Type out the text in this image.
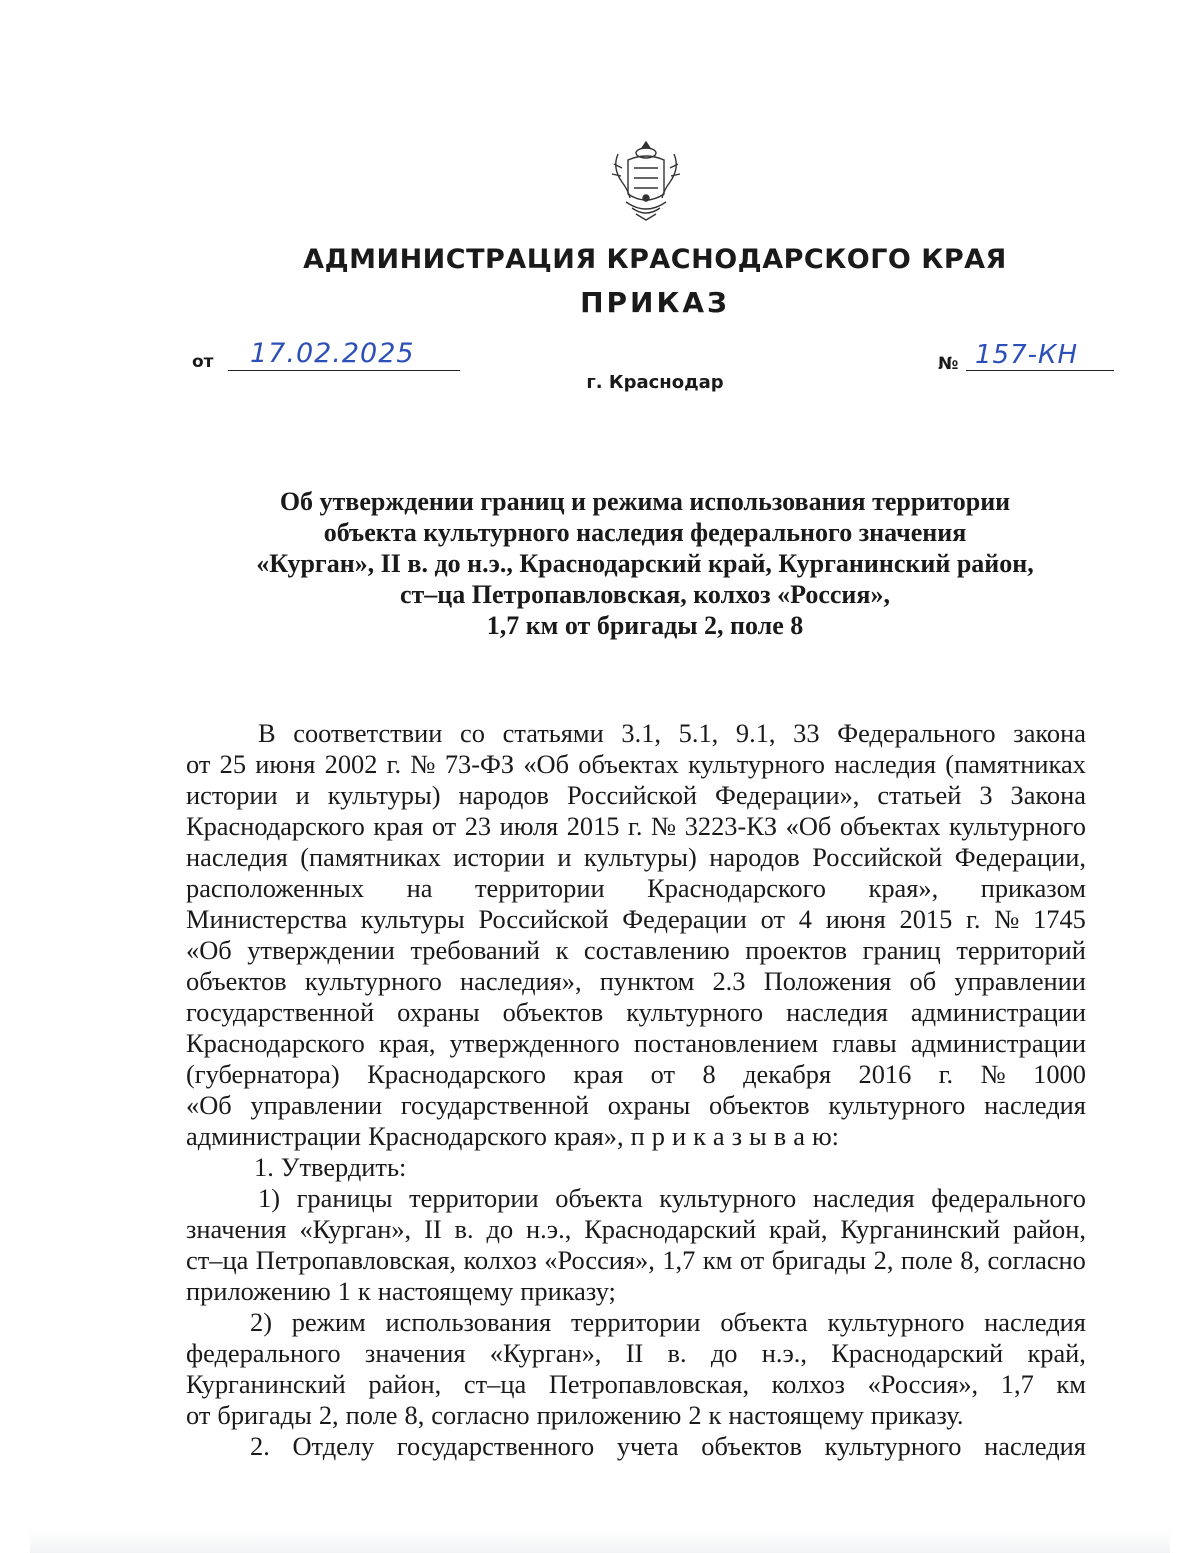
АДМИНИСТРАЦИЯ КРАСНОДАРСКОГО КРАЯ
ПРИКАЗ
от 17.02.2025	№ 157-КН
г. Краснодар
Об утверждении границ и режима использования территории
объекта культурного наследия федерального значения
«Курган», II в. до н.э., Краснодарский край, Курганинский район,
ст–ца Петропавловская, колхоз «Россия»,
1,7 км от бригады 2, поле 8
В соответствии со статьями 3.1, 5.1, 9.1, 33 Федерального закона
от 25 июня 2002 г. № 73-ФЗ «Об объектах культурного наследия (памятниках
истории и культуры) народов Российской Федерации», статьей 3 Закона
Краснодарского края от 23 июля 2015 г. № 3223-КЗ «Об объектах культурного
наследия (памятниках истории и культуры) народов Российской Федерации,
расположенных на территории Краснодарского края», приказом
Министерства культуры Российской Федерации от 4 июня 2015 г. № 1745
«Об утверждении требований к составлению проектов границ территорий
объектов культурного наследия», пунктом 2.3 Положения об управлении
государственной охраны объектов культурного наследия администрации
Краснодарского края, утвержденного постановлением главы администрации
(губернатора) Краснодарского края от 8 декабря 2016 г. № 1000
«Об управлении государственной охраны объектов культурного наследия
администрации Краснодарского края», п р и к а з ы в а ю:
1. Утвердить:
1) границы территории объекта культурного наследия федерального
значения «Курган», II в. до н.э., Краснодарский край, Курганинский район,
ст–ца Петропавловская, колхоз «Россия», 1,7 км от бригады 2, поле 8, согласно
приложению 1 к настоящему приказу;
2) режим использования территории объекта культурного наследия
федерального значения «Курган», II в. до н.э., Краснодарский край,
Курганинский район, ст–ца Петропавловская, колхоз «Россия», 1,7 км
от бригады 2, поле 8, согласно приложению 2 к настоящему приказу.
2. Отделу государственного учета объектов культурного наследия
